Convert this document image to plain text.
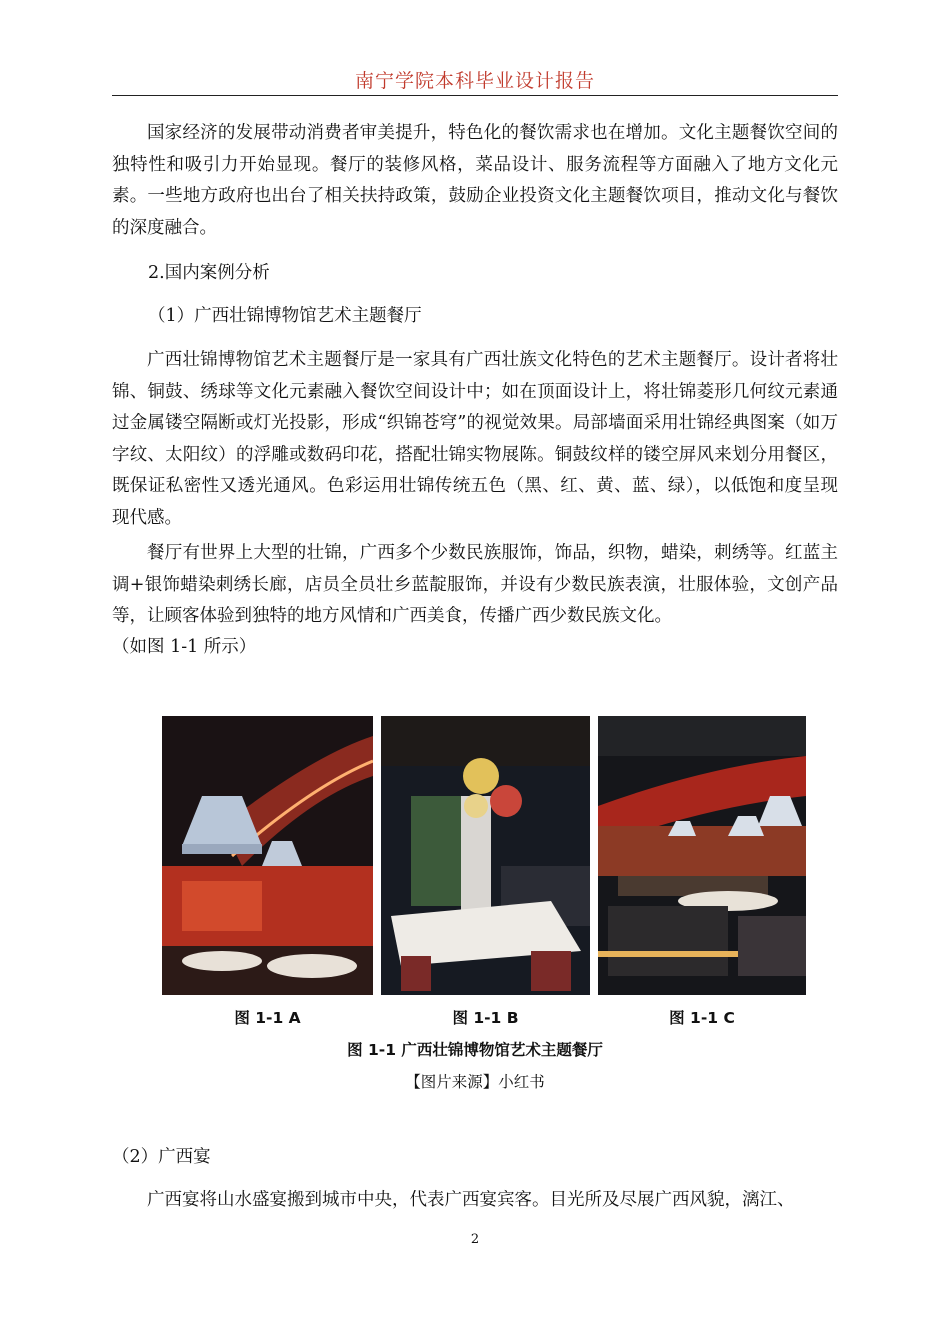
南宁学院本科毕业设计报告

国家经济的发展带动消费者审美提升，特色化的餐饮需求也在增加。文化主题餐饮空间的独特性和吸引力开始显现。餐厅的装修风格，菜品设计、服务流程等方面融入了地方文化元素。一些地方政府也出台了相关扶持政策，鼓励企业投资文化主题餐饮项目，推动文化与餐饮的深度融合。

2.国内案例分析
（1）广西壮锦博物馆艺术主题餐厅

广西壮锦博物馆艺术主题餐厅是一家具有广西壮族文化特色的艺术主题餐厅。设计者将壮锦、铜鼓、绣球等文化元素融入餐饮空间设计中；如在顶面设计上，将壮锦菱形几何纹元素通过金属镂空隔断或灯光投影，形成“织锦苍穹”的视觉效果。局部墙面采用壮锦经典图案（如万字纹、太阳纹）的浮雕或数码印花，搭配壮锦实物展陈。铜鼓纹样的镂空屏风来划分用餐区，既保证私密性又透光通风。色彩运用壮锦传统五色（黑、红、黄、蓝、绿），以低饱和度呈现现代感。

餐厅有世界上大型的壮锦，广西多个少数民族服饰，饰品，织物，蜡染，刺绣等。红蓝主调+银饰蜡染刺绣长廊，店员全员壮乡蓝靛服饰，并设有少数民族表演，壮服体验，文创产品等，让顾客体验到独特的地方风情和广西美食，传播广西少数民族文化。

（如图 1-1 所示）
图 1-1 A	图 1-1 B	图 1-1 C
图 1-1 广西壮锦博物馆艺术主题餐厅
【图片来源】小红书
（2）广西宴

广西宴将山水盛宴搬到城市中央，代表广西宴宾客。目光所及尽展广西风貌，漓江、

2
